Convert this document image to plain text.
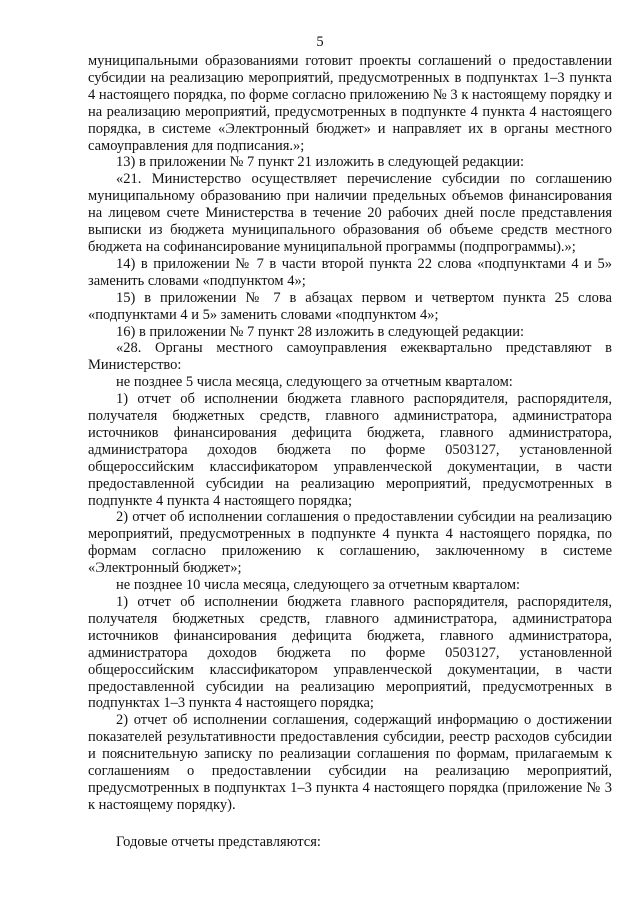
5

муниципальными образованиями готовит проекты соглашений о предоставлении субсидии на реализацию мероприятий, предусмотренных в подпунктах 1–3 пункта 4 настоящего порядка, по форме согласно приложению № 3 к настоящему порядку и на реализацию мероприятий, предусмотренных в подпункте 4 пункта 4 настоящего порядка, в системе «Электронный бюджет» и направляет их в органы местного самоуправления для подписания.»;

13) в приложении № 7 пункт 21 изложить в следующей редакции:

«21. Министерство осуществляет перечисление субсидии по соглашению муниципальному образованию при наличии предельных объемов финансирования на лицевом счете Министерства в течение 20 рабочих дней после представления выписки из бюджета муниципального образования об объеме средств местного бюджета на софинансирование муниципальной программы (подпрограммы).»;

14) в приложении № 7 в части второй пункта 22 слова «подпунктами 4 и 5» заменить словами «подпунктом 4»;

15) в приложении № 7 в абзацах первом и четвертом пункта 25 слова «подпунктами 4 и 5» заменить словами «подпунктом 4»;

16) в приложении № 7 пункт 28 изложить в следующей редакции:

«28. Органы местного самоуправления ежеквартально представляют в Министерство:

не позднее 5 числа месяца, следующего за отчетным кварталом:

1) отчет об исполнении бюджета главного распорядителя, распорядителя, получателя бюджетных средств, главного администратора, администратора источников финансирования дефицита бюджета, главного администратора, администратора доходов бюджета по форме 0503127, установленной общероссийским классификатором управленческой документации, в части предоставленной субсидии на реализацию мероприятий, предусмотренных в подпункте 4 пункта 4 настоящего порядка;

2) отчет об исполнении соглашения о предоставлении субсидии на реализацию мероприятий, предусмотренных в подпункте 4 пункта 4 настоящего порядка, по формам согласно приложению к соглашению, заключенному в системе «Электронный бюджет»;

не позднее 10 числа месяца, следующего за отчетным кварталом:

1) отчет об исполнении бюджета главного распорядителя, распорядителя, получателя бюджетных средств, главного администратора, администратора источников финансирования дефицита бюджета, главного администратора, администратора доходов бюджета по форме 0503127, установленной общероссийским классификатором управленческой документации, в части предоставленной субсидии на реализацию мероприятий, предусмотренных в подпунктах 1–3 пункта 4 настоящего порядка;

2) отчет об исполнении соглашения, содержащий информацию о достижении показателей результативности предоставления субсидии, реестр расходов субсидии и пояснительную записку по реализации соглашения по формам, прилагаемым к соглашениям о предоставлении субсидии на реализацию мероприятий, предусмотренных в подпунктах 1–3 пункта 4 настоящего порядка (приложение № 3 к настоящему порядку).

Годовые отчеты представляются:
